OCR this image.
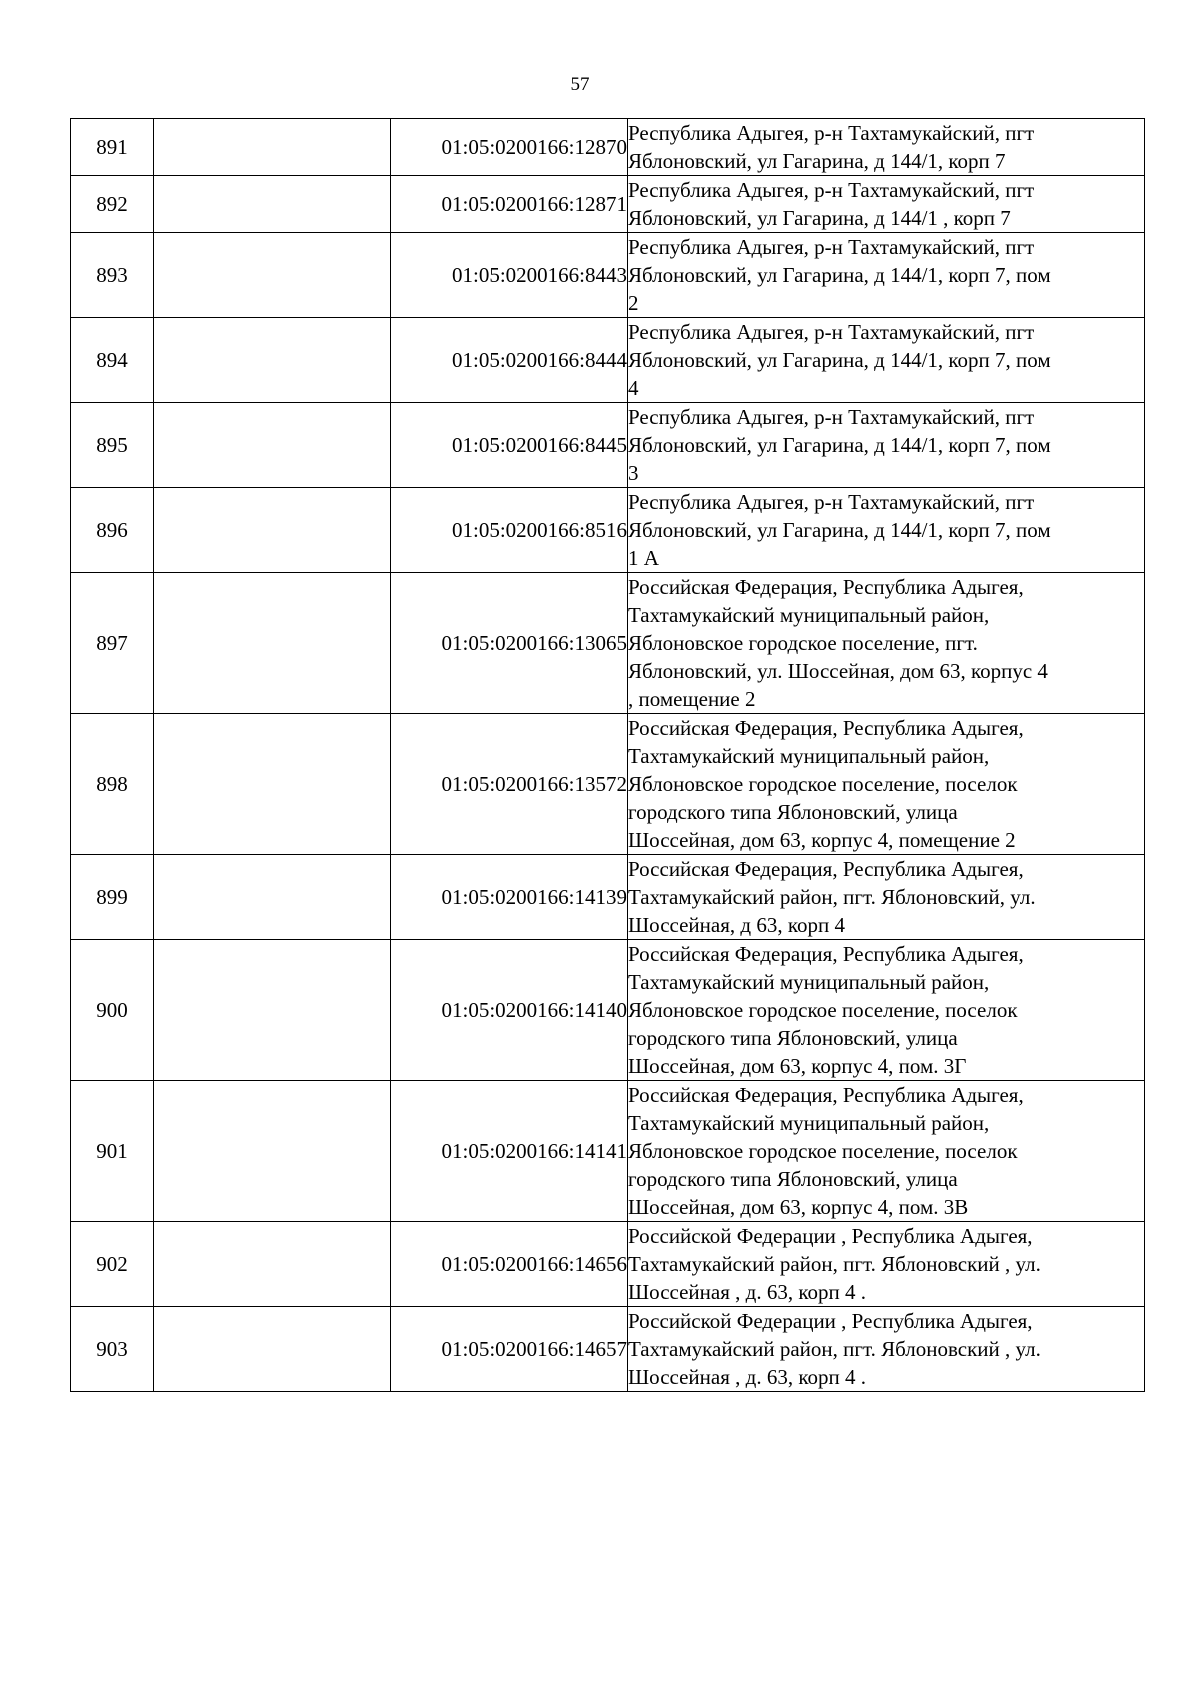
57
891		01:05:0200166:12870	Республика Адыгея, р-н Тахтамукайский, пгт
Яблоновский, ул Гагарина, д 144/1, корп 7

892		01:05:0200166:12871	Республика Адыгея, р-н Тахтамукайский, пгт
Яблоновский, ул Гагарина, д 144/1 , корп 7

893		01:05:0200166:8443	Республика Адыгея, р-н Тахтамукайский, пгт
Яблоновский, ул Гагарина, д 144/1, корп 7, пом
2

894		01:05:0200166:8444	Республика Адыгея, р-н Тахтамукайский, пгт
Яблоновский, ул Гагарина, д 144/1, корп 7, пом
4

895		01:05:0200166:8445	Республика Адыгея, р-н Тахтамукайский, пгт
Яблоновский, ул Гагарина, д 144/1, корп 7, пом
3

896		01:05:0200166:8516	Республика Адыгея, р-н Тахтамукайский, пгт
Яблоновский, ул Гагарина, д 144/1, корп 7, пом
1 А

897		01:05:0200166:13065	Российская Федерация, Республика Адыгея,
Тахтамукайский муниципальный район,
Яблоновское городское поселение, пгт.
Яблоновский, ул. Шоссейная, дом 63, корпус 4
, помещение 2

898		01:05:0200166:13572	Российская Федерация, Республика Адыгея,
Тахтамукайский муниципальный район,
Яблоновское городское поселение, поселок
городского типа Яблоновский, улица
Шоссейная, дом 63, корпус 4, помещение 2

899		01:05:0200166:14139	Российская Федерация, Республика Адыгея,
Тахтамукайский район, пгт. Яблоновский, ул.
Шоссейная, д 63, корп 4

900		01:05:0200166:14140	Российская Федерация, Республика Адыгея,
Тахтамукайский муниципальный район,
Яблоновское городское поселение, поселок
городского типа Яблоновский, улица
Шоссейная, дом 63, корпус 4, пом. 3Г

901		01:05:0200166:14141	Российская Федерация, Республика Адыгея,
Тахтамукайский муниципальный район,
Яблоновское городское поселение, поселок
городского типа Яблоновский, улица
Шоссейная, дом 63, корпус 4, пом. 3В

902		01:05:0200166:14656	Российской Федерации , Республика Адыгея,
Тахтамукайский район, пгт. Яблоновский , ул.
Шоссейная , д. 63, корп 4 .

903		01:05:0200166:14657	Российской Федерации , Республика Адыгея,
Тахтамукайский район, пгт. Яблоновский , ул.
Шоссейная , д. 63, корп 4 .
